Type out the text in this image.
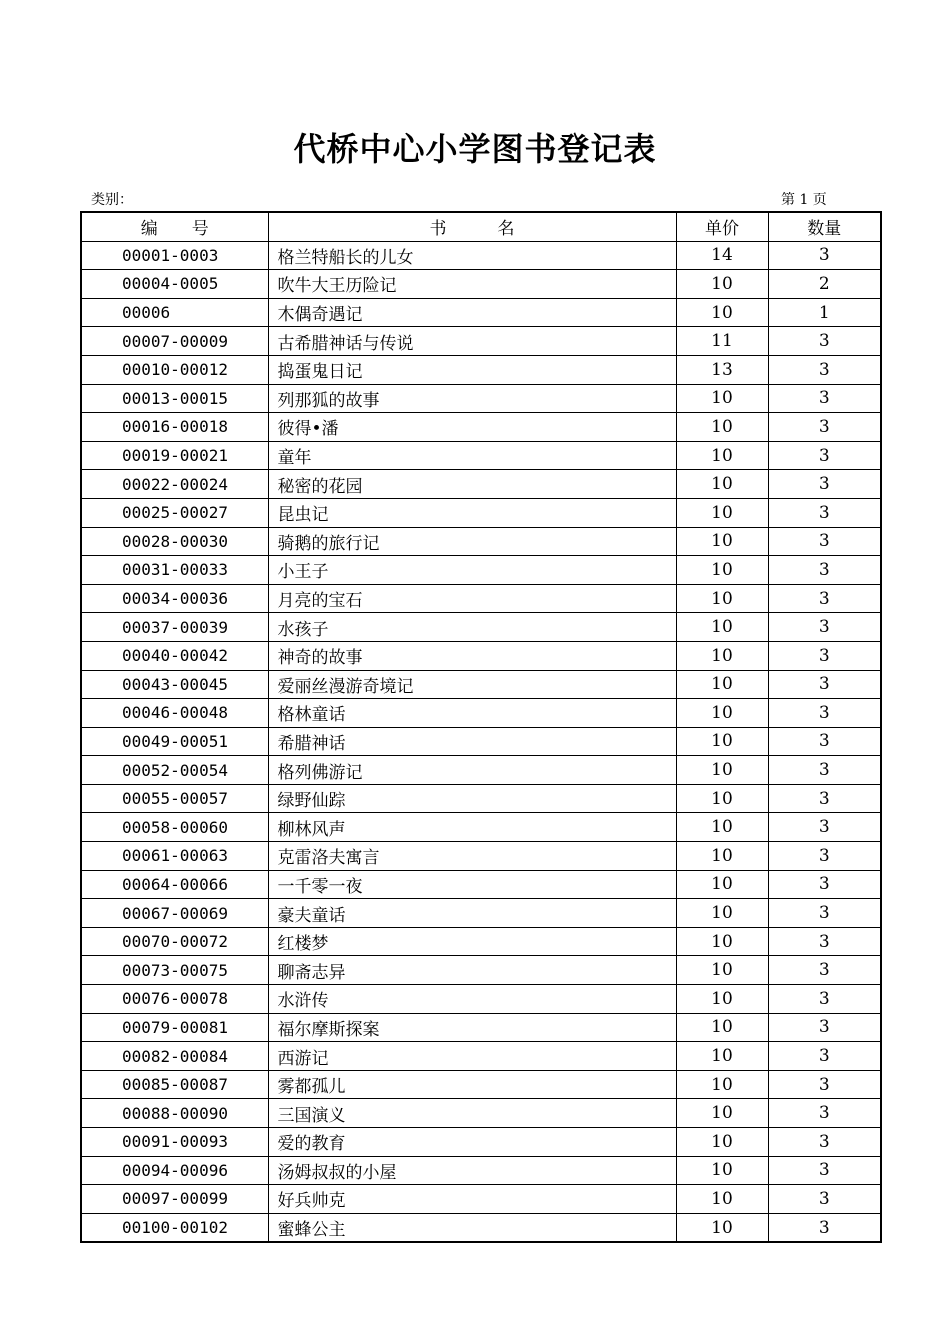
代桥中心小学图书登记表
类别：	第 1 页
编　　号	书　　　名	单价	数量
00001-0003	格兰特船长的儿女	14	3
00004-0005	吹牛大王历险记	10	2
00006	木偶奇遇记	10	1
00007-00009	古希腊神话与传说	11	3
00010-00012	捣蛋鬼日记	13	3
00013-00015	列那狐的故事	10	3
00016-00018	彼得•潘	10	3
00019-00021	童年	10	3
00022-00024	秘密的花园	10	3
00025-00027	昆虫记	10	3
00028-00030	骑鹅的旅行记	10	3
00031-00033	小王子	10	3
00034-00036	月亮的宝石	10	3
00037-00039	水孩子	10	3
00040-00042	神奇的故事	10	3
00043-00045	爱丽丝漫游奇境记	10	3
00046-00048	格林童话	10	3
00049-00051	希腊神话	10	3
00052-00054	格列佛游记	10	3
00055-00057	绿野仙踪	10	3
00058-00060	柳林风声	10	3
00061-00063	克雷洛夫寓言	10	3
00064-00066	一千零一夜	10	3
00067-00069	豪夫童话	10	3
00070-00072	红楼梦	10	3
00073-00075	聊斋志异	10	3
00076-00078	水浒传	10	3
00079-00081	福尔摩斯探案	10	3
00082-00084	西游记	10	3
00085-00087	雾都孤儿	10	3
00088-00090	三国演义	10	3
00091-00093	爱的教育	10	3
00094-00096	汤姆叔叔的小屋	10	3
00097-00099	好兵帅克	10	3
00100-00102	蜜蜂公主	10	3
